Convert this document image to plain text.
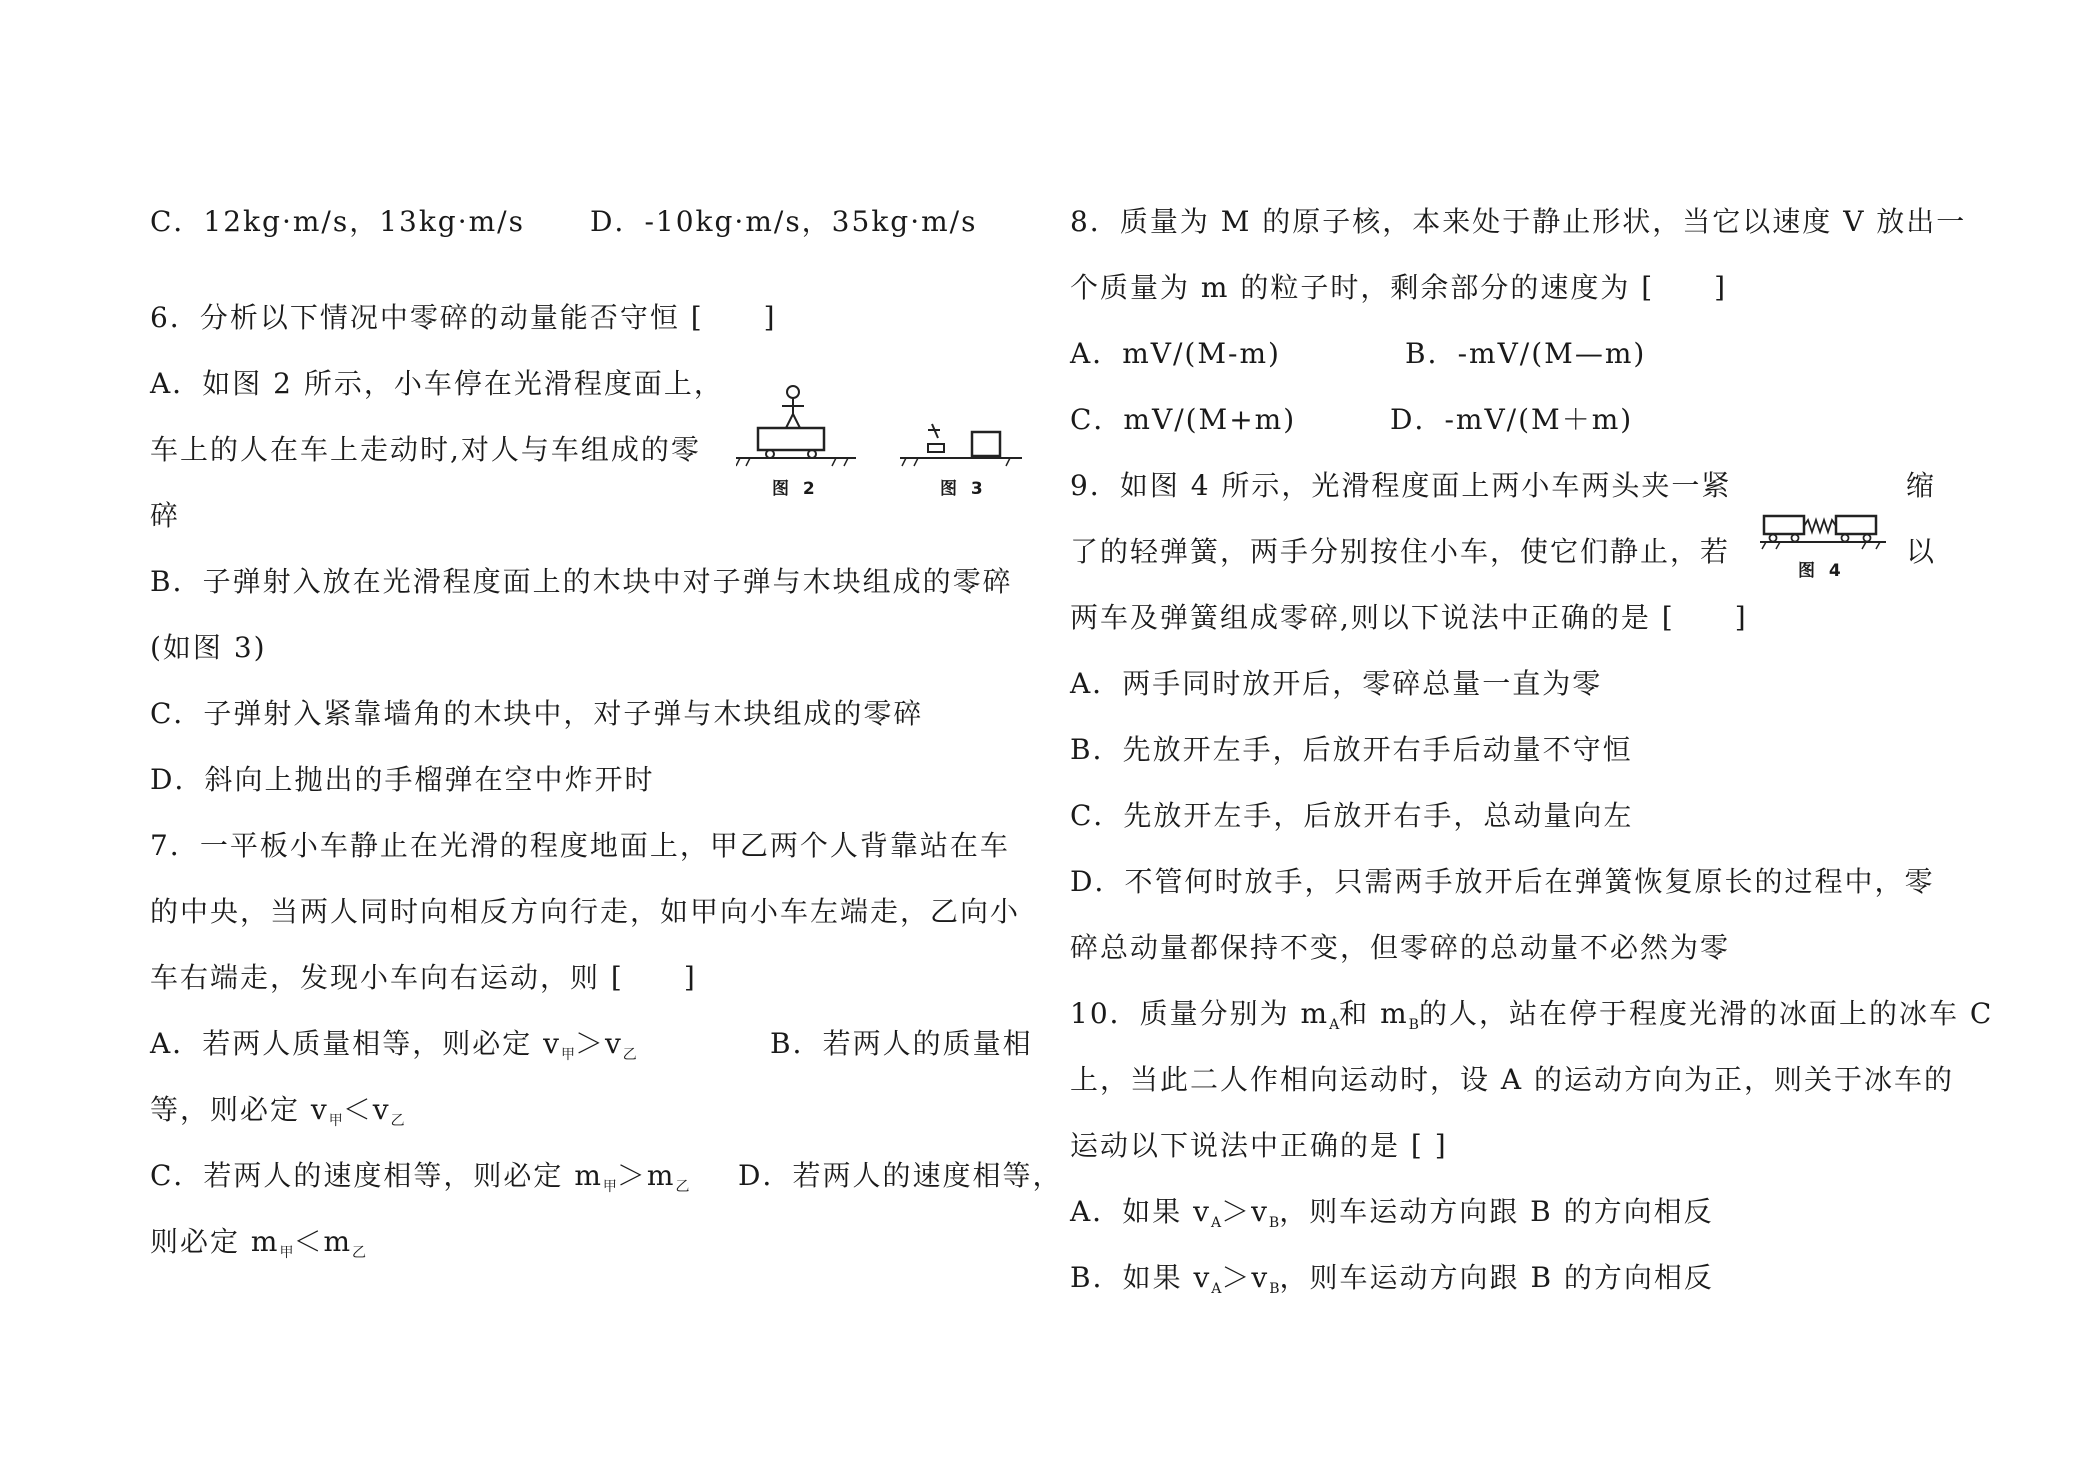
C．12kg·m/s，13kg·m/s D．-10kg·m/s，35kg·m/s
6．分析以下情况中零碎的动量能否守恒 [　　]
A．如图 2 所示，小车停在光滑程度面上，
车上的人在车上走动时,对人与车组成的零
碎
图 2	图 3
B．子弹射入放在光滑程度面上的木块中对子弹与木块组成的零碎
(如图 3)
C．子弹射入紧靠墙角的木块中，对子弹与木块组成的零碎
D．斜向上抛出的手榴弹在空中炸开时
7．一平板小车静止在光滑的程度地面上，甲乙两个人背靠站在车
的中央，当两人同时向相反方向行走，如甲向小车左端走，乙向小
车右端走，发现小车向右运动，则 [　　]
A．若两人质量相等，则必定 $v_甲>v_乙$	B．若两人的质量相
等，则必定 $v_甲<v_乙$
C．若两人的速度相等，则必定 $m_甲>m_乙$ D．若两人的速度相等，
则必定 $m_甲<m_乙$
8．质量为 M 的原子核，本来处于静止形状，当它以速度 V 放出一
个质量为 m 的粒子时，剩余部分的速度为 [　　]
A．mV/(M-m)	B．-mV/(M—m)
C．mV/(M+m)	D．-mV/(M＋m)
9．如图 4 所示，光滑程度面上两小车两头夹一紧	缩
了的轻弹簧，两手分别按住小车，使它们静止，若	以
图 4
两车及弹簧组成零碎,则以下说法中正确的是 [　　]
A．两手同时放开后，零碎总量一直为零
B．先放开左手，后放开右手后动量不守恒
C．先放开左手，后放开右手，总动量向左
D．不管何时放手，只需两手放开后在弹簧恢复原长的过程中，零
碎总动量都保持不变，但零碎的总动量不必然为零
10．质量分别为 $m_A$和 $m_B$的人，站在停于程度光滑的冰面上的冰车 C
上，当此二人作相向运动时，设 A 的运动方向为正，则关于冰车的
运动以下说法中正确的是 [ ]
A．如果 $v_A>v_B$，则车运动方向跟 B 的方向相反
B．如果 $v_A>v_B$，则车运动方向跟 B 的方向相反
